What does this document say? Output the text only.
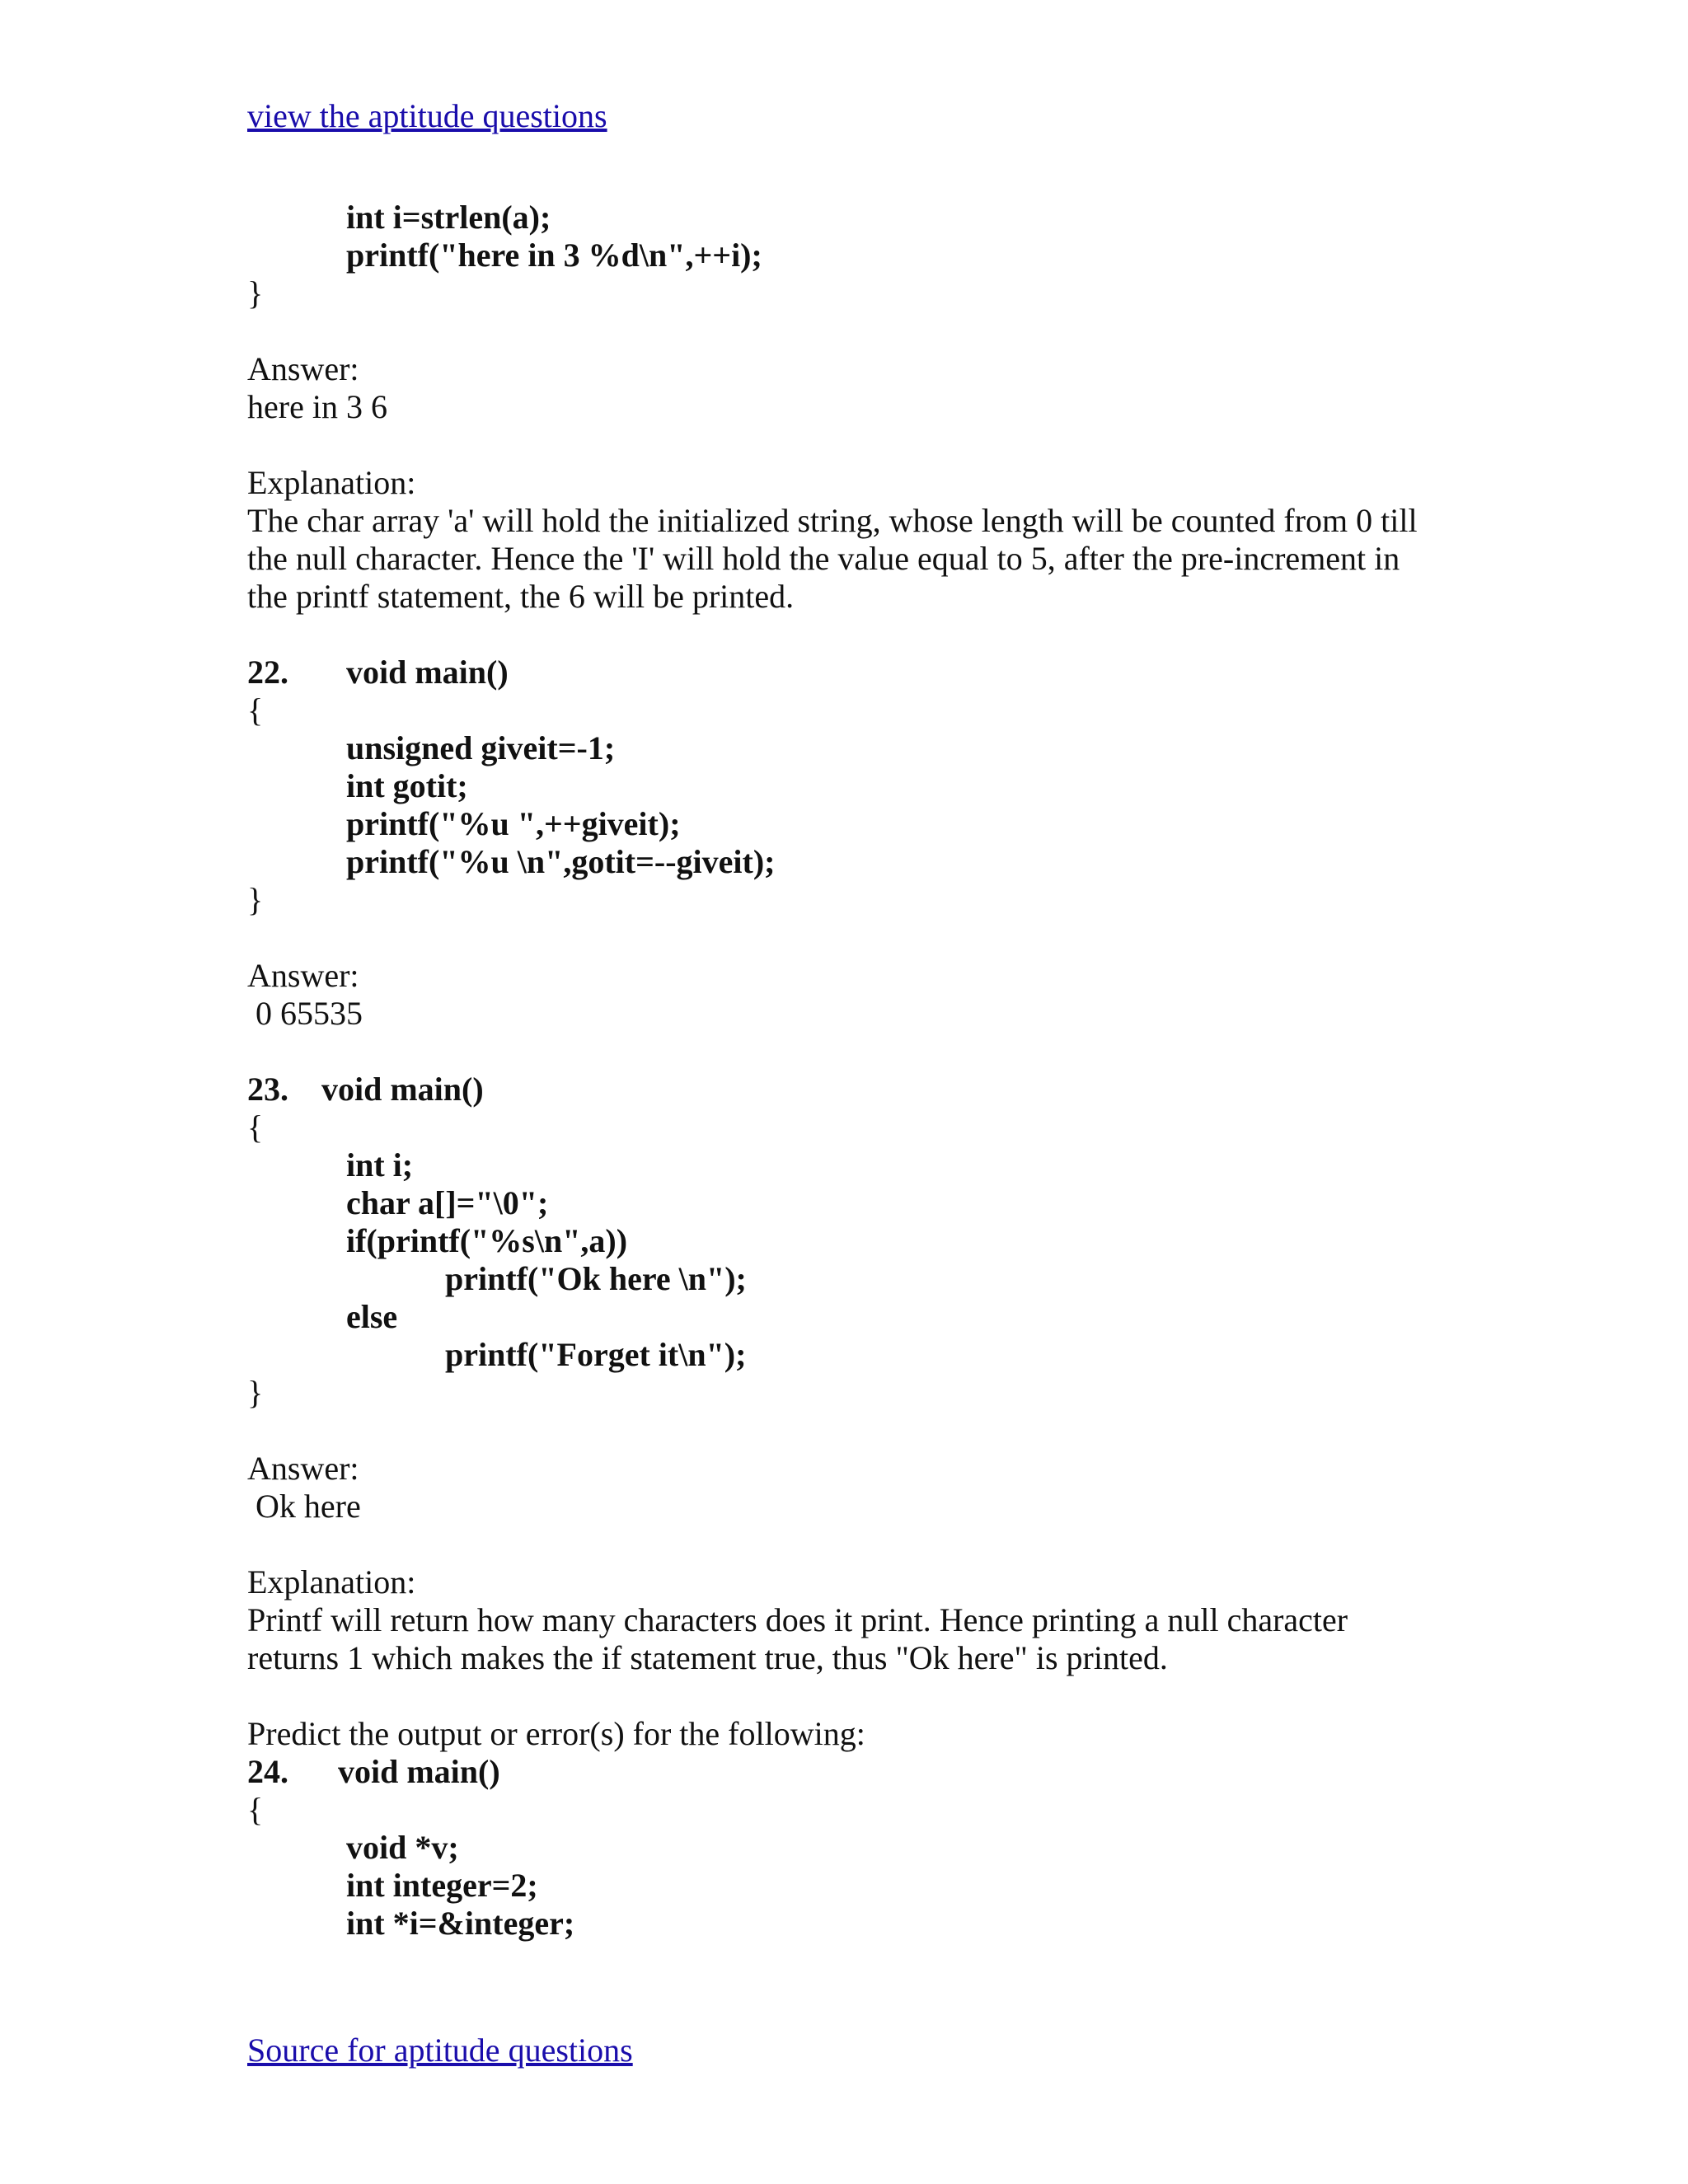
view the aptitude questions
int i=strlen(a);
printf("here in 3 %d\n",++i);
}
Answer:
here in 3 6
Explanation:
The char array 'a' will hold the initialized string, whose length will be counted from 0 till
the null character. Hence the 'I' will hold the value equal to 5, after the pre-increment in
the printf statement, the 6 will be printed.
22. void main()
{
unsigned giveit=-1;
int gotit;
printf("%u ",++giveit);
printf("%u \n",gotit=--giveit);
}
Answer:
0 65535
23. void main()
{
int i;
char a[]="\0";
if(printf("%s\n",a))
printf("Ok here \n");
else
printf("Forget it\n");
}
Answer:
Ok here
Explanation:
Printf will return how many characters does it print. Hence printing a null character
returns 1 which makes the if statement true, thus "Ok here" is printed.
Predict the output or error(s) for the following:
24. void main()
{
void *v;
int integer=2;
int *i=&integer;
Source for aptitude questions
